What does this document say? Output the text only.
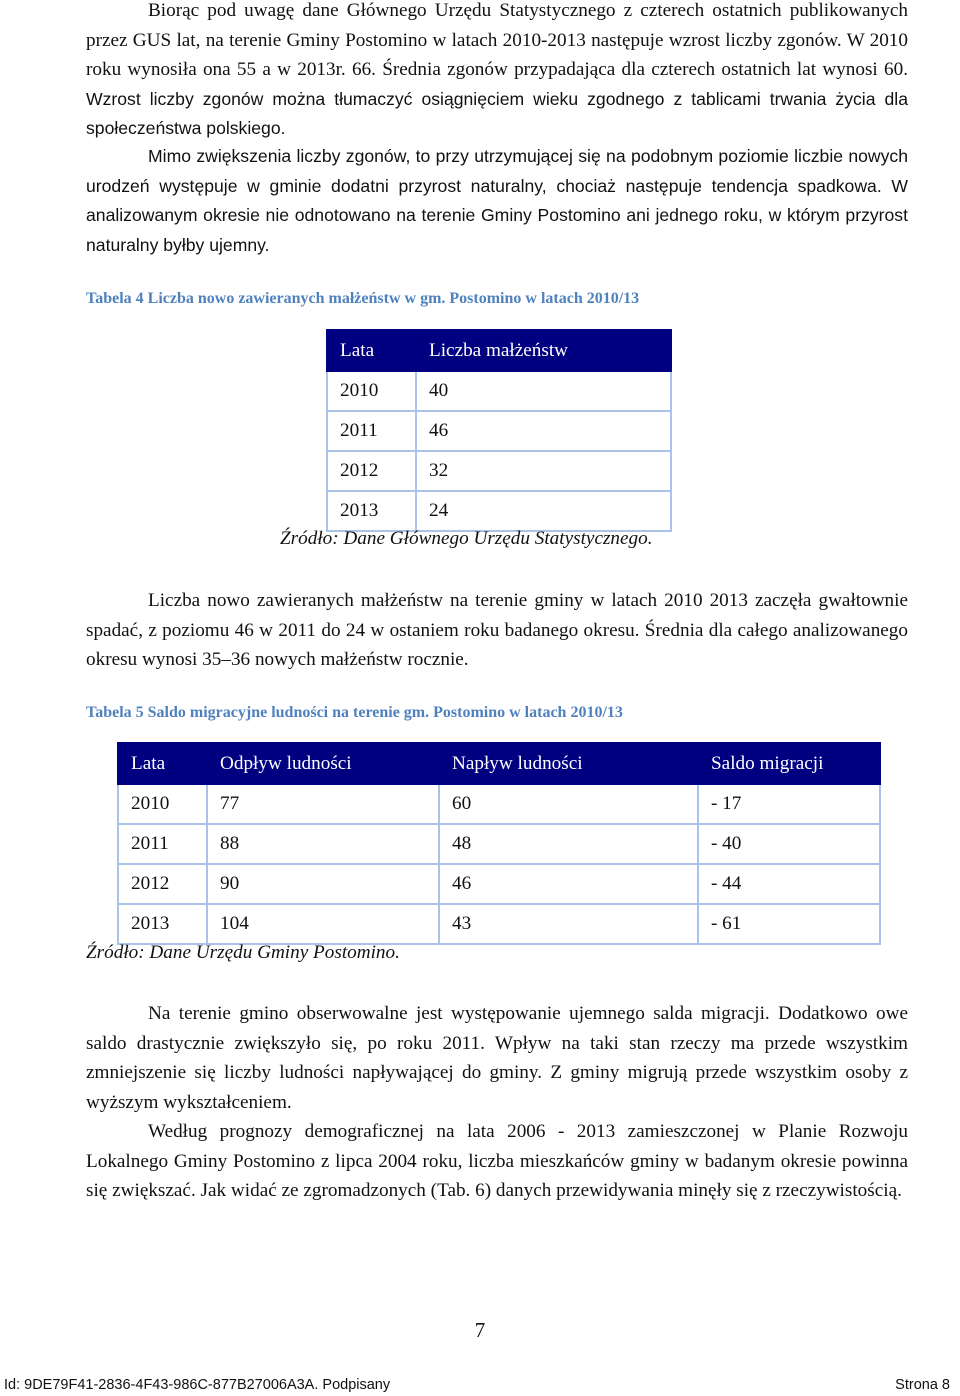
Biorąc pod uwagę dane Głównego Urzędu Statystycznego z czterech ostatnich publikowanych przez GUS lat, na terenie Gminy Postomino w latach 2010-2013 następuje wzrost liczby zgonów. W 2010 roku wynosiła ona 55 a w 2013r. 66. Średnia zgonów przypadająca dla czterech ostatnich lat wynosi 60. Wzrost liczby zgonów można tłumaczyć osiągnięciem wieku zgodnego z tablicami trwania życia dla społeczeństwa polskiego.

Mimo zwiększenia liczby zgonów, to przy utrzymującej się na podobnym poziomie liczbie nowych urodzeń występuje w gminie dodatni przyrost naturalny, chociaż następuje tendencja spadkowa. W analizowanym okresie nie odnotowano na terenie Gminy Postomino ani jednego roku, w którym przyrost naturalny byłby ujemny.

Tabela 4 Liczba nowo zawieranych małżeństw w gm. Postomino w latach 2010/13

Lata	Liczba małżeństw
2010	40
2011	46
2012	32
2013	24

Źródło: Dane Głównego Urzędu Statystycznego.

Liczba nowo zawieranych małżeństw na terenie gminy w latach 2010 2013 zaczęła gwałtownie spadać, z poziomu 46 w 2011 do 24 w ostaniem roku badanego okresu. Średnia dla całego analizowanego okresu wynosi 35–36 nowych małżeństw rocznie.

Tabela 5 Saldo migracyjne ludności na terenie gm. Postomino w latach 2010/13

Lata	Odpływ ludności	Napływ ludności	Saldo migracji
2010	77	60	- 17
2011	88	48	- 40
2012	90	46	- 44
2013	104	43	- 61

Źródło: Dane Urzędu Gminy Postomino.

Na terenie gmino obserwowalne jest występowanie ujemnego salda migracji. Dodatkowo owe saldo drastycznie zwiększyło się, po roku 2011. Wpływ na taki stan rzeczy ma przede wszystkim zmniejszenie się liczby ludności napływającej do gminy. Z gminy migrują przede wszystkim osoby z wyższym wykształceniem.

Według prognozy demograficznej na lata 2006 - 2013 zamieszczonej w Planie Rozwoju Lokalnego Gminy Postomino z lipca 2004 roku, liczba mieszkańców gminy w badanym okresie powinna się zwiększać. Jak widać ze zgromadzonych (Tab. 6) danych przewidywania minęły się z rzeczywistością.

7
Id: 9DE79F41-2836-4F43-986C-877B27006A3A. Podpisany	Strona 8
